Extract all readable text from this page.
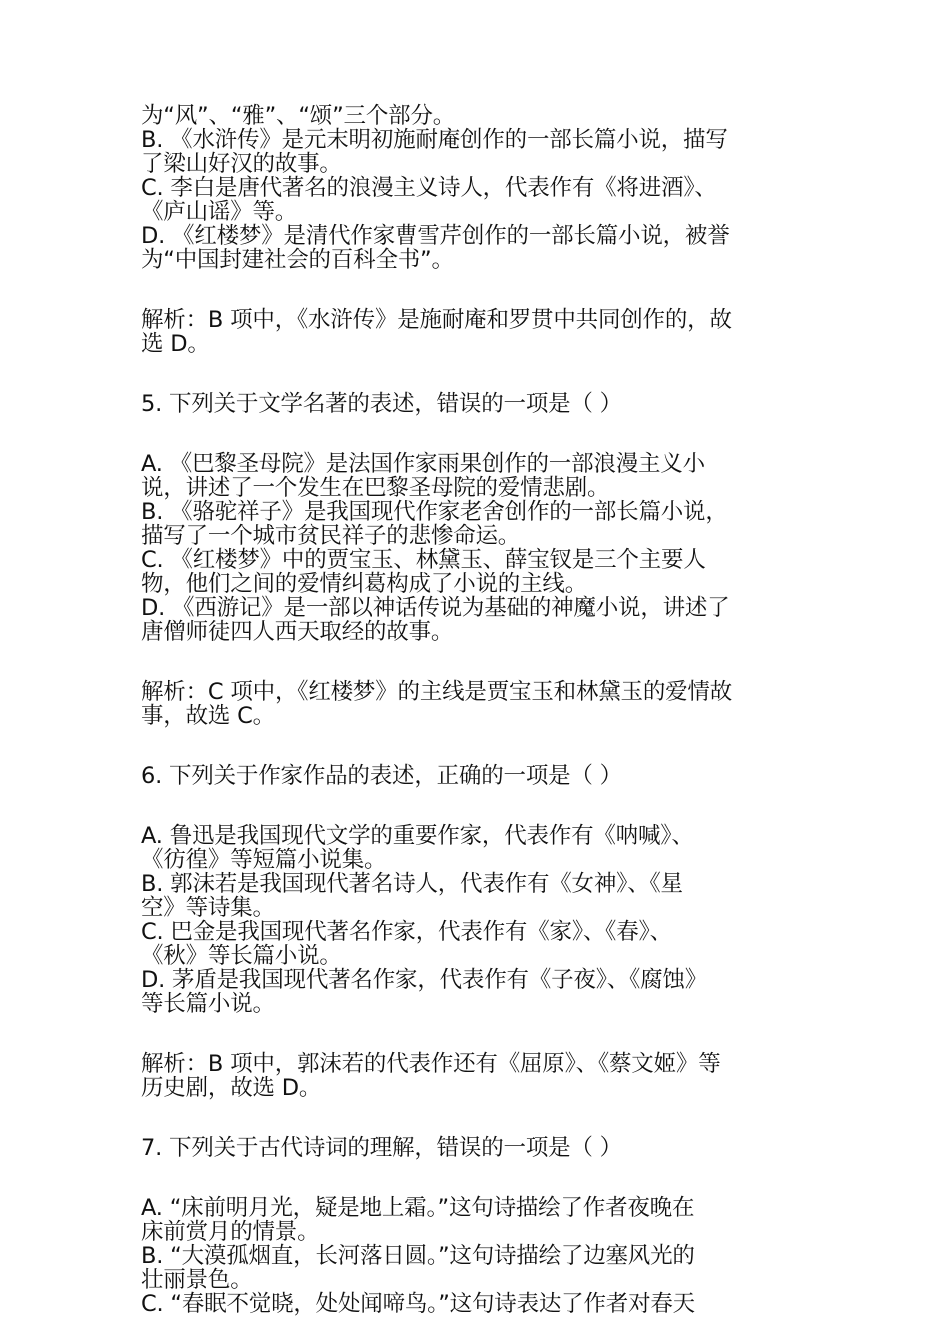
为“风”、“雅”、“颂”三个部分。
B. 《水浒传》是元末明初施耐庵创作的一部长篇小说，描写
了梁山好汉的故事。
C. 李白是唐代著名的浪漫主义诗人，代表作有《将进酒》、
《庐山谣》等。
D. 《红楼梦》是清代作家曹雪芹创作的一部长篇小说，被誉
为“中国封建社会的百科全书”。
解析：B 项中，《水浒传》是施耐庵和罗贯中共同创作的，故
选 D。
5. 下列关于文学名著的表述，错误的一项是（ ）
A. 《巴黎圣母院》是法国作家雨果创作的一部浪漫主义小
说，讲述了一个发生在巴黎圣母院的爱情悲剧。
B. 《骆驼祥子》是我国现代作家老舍创作的一部长篇小说，
描写了一个城市贫民祥子的悲惨命运。
C. 《红楼梦》中的贾宝玉、林黛玉、薛宝钗是三个主要人
物，他们之间的爱情纠葛构成了小说的主线。
D. 《西游记》是一部以神话传说为基础的神魔小说，讲述了
唐僧师徒四人西天取经的故事。
解析：C 项中，《红楼梦》的主线是贾宝玉和林黛玉的爱情故
事，故选 C。
6. 下列关于作家作品的表述，正确的一项是（ ）
A. 鲁迅是我国现代文学的重要作家，代表作有《呐喊》、
《彷徨》等短篇小说集。
B. 郭沫若是我国现代著名诗人，代表作有《女神》、《星
空》等诗集。
C. 巴金是我国现代著名作家，代表作有《家》、《春》、
《秋》等长篇小说。
D. 茅盾是我国现代著名作家，代表作有《子夜》、《腐蚀》
等长篇小说。
解析：B 项中，郭沫若的代表作还有《屈原》、《蔡文姬》等
历史剧，故选 D。
7. 下列关于古代诗词的理解，错误的一项是（ ）
A. “床前明月光，疑是地上霜。”这句诗描绘了作者夜晚在
床前赏月的情景。
B. “大漠孤烟直，长河落日圆。”这句诗描绘了边塞风光的
壮丽景色。
C. “春眠不觉晓，处处闻啼鸟。”这句诗表达了作者对春天
